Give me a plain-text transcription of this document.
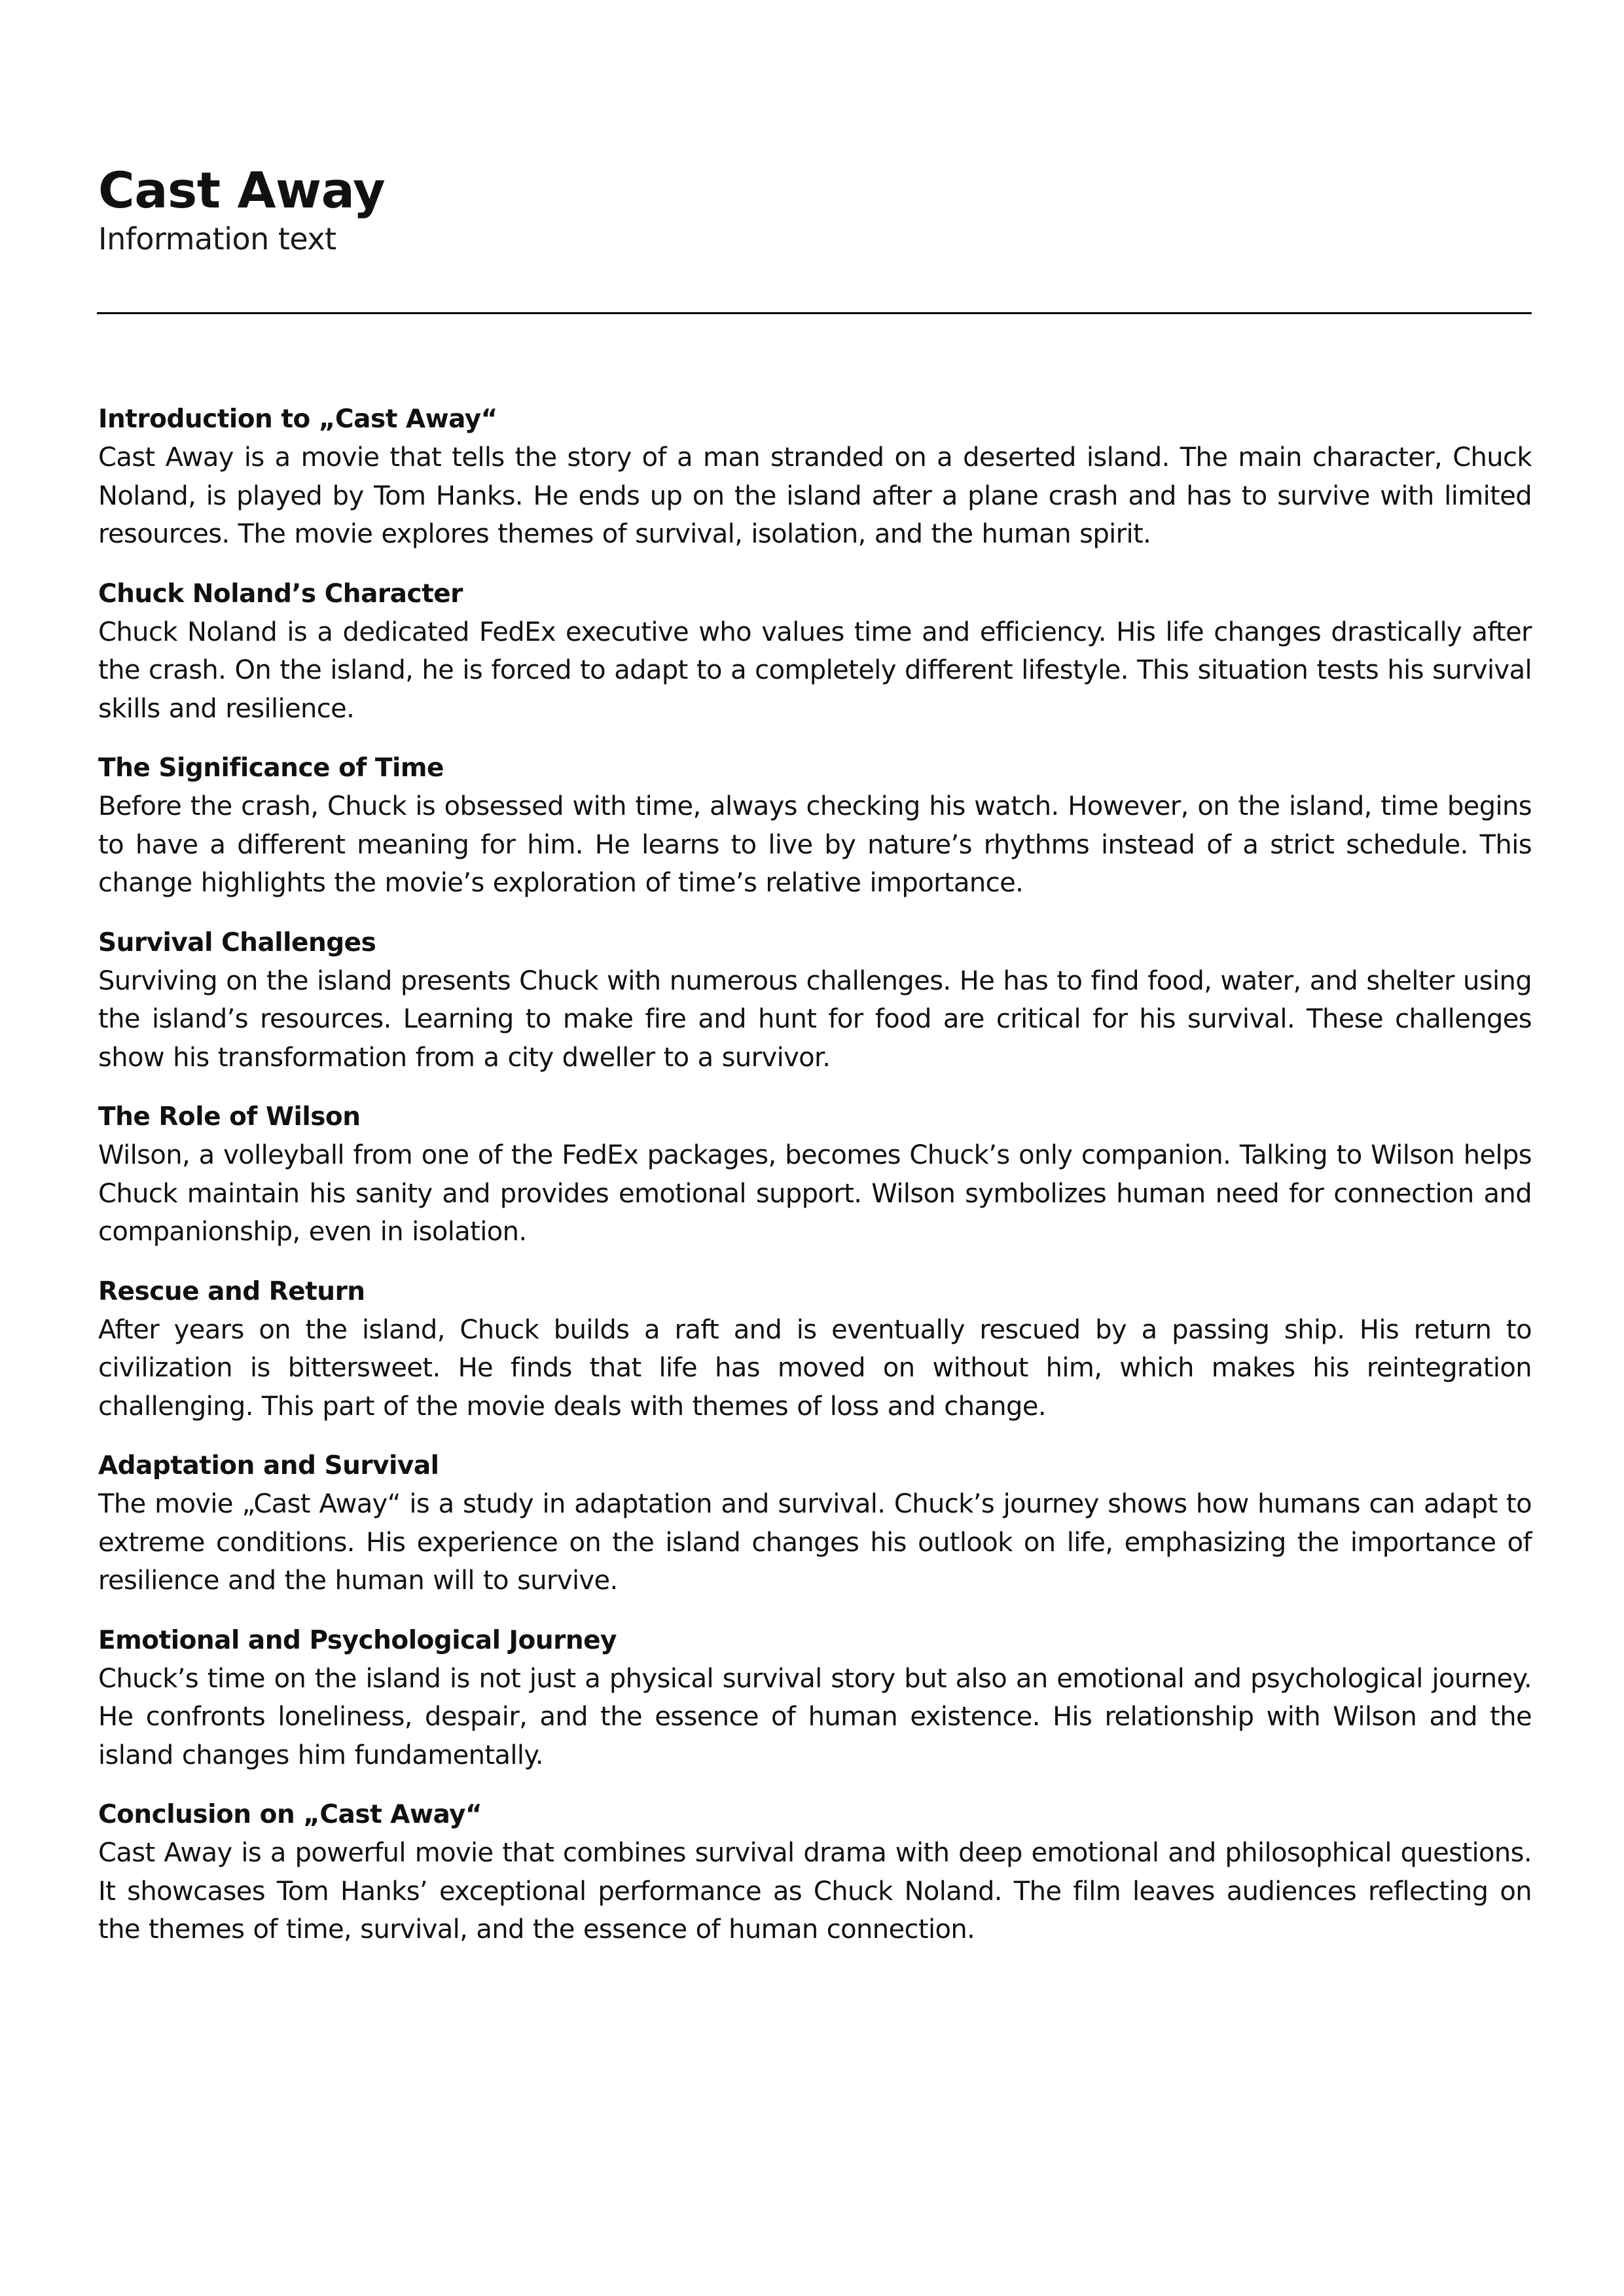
Cast Away

Information text

Introduction to „Cast Away“

Cast Away is a movie that tells the story of a man stranded on a deserted island. The main character, Chuck Noland, is played by Tom Hanks. He ends up on the island after a plane crash and has to survive with limited resources. The movie explores themes of survival, isolation, and the human spirit.

Chuck Noland’s Character

Chuck Noland is a dedicated FedEx executive who values time and efficiency. His life changes drastically after the crash. On the island, he is forced to adapt to a completely different lifestyle. This situation tests his survival skills and resilience.

The Significance of Time

Before the crash, Chuck is obsessed with time, always checking his watch. However, on the island, time begins to have a different meaning for him. He learns to live by nature’s rhythms instead of a strict schedule. This change highlights the movie’s exploration of time’s relative importance.

Survival Challenges

Surviving on the island presents Chuck with numerous challenges. He has to find food, water, and shelter using the island’s resources. Learning to make fire and hunt for food are critical for his survival. These challenges show his transformation from a city dweller to a survivor.

The Role of Wilson

Wilson, a volleyball from one of the FedEx packages, becomes Chuck’s only companion. Talking to Wilson helps Chuck maintain his sanity and provides emotional support. Wilson symbolizes human need for connection and companionship, even in isolation.

Rescue and Return

After years on the island, Chuck builds a raft and is eventually rescued by a passing ship. His return to civilization is bittersweet. He finds that life has moved on without him, which makes his reintegration challenging. This part of the movie deals with themes of loss and change.

Adaptation and Survival

The movie „Cast Away“ is a study in adaptation and survival. Chuck’s journey shows how humans can adapt to extreme conditions. His experience on the island changes his outlook on life, emphasizing the importance of resilience and the human will to survive.

Emotional and Psychological Journey

Chuck’s time on the island is not just a physical survival story but also an emotional and psychological journey. He confronts loneliness, despair, and the essence of human existence. His relationship with Wilson and the island changes him fundamentally.

Conclusion on „Cast Away“

Cast Away is a powerful movie that combines survival drama with deep emotional and philosophical questions. It showcases Tom Hanks’ exceptional performance as Chuck Noland. The film leaves audiences reflecting on the themes of time, survival, and the essence of human connection.
